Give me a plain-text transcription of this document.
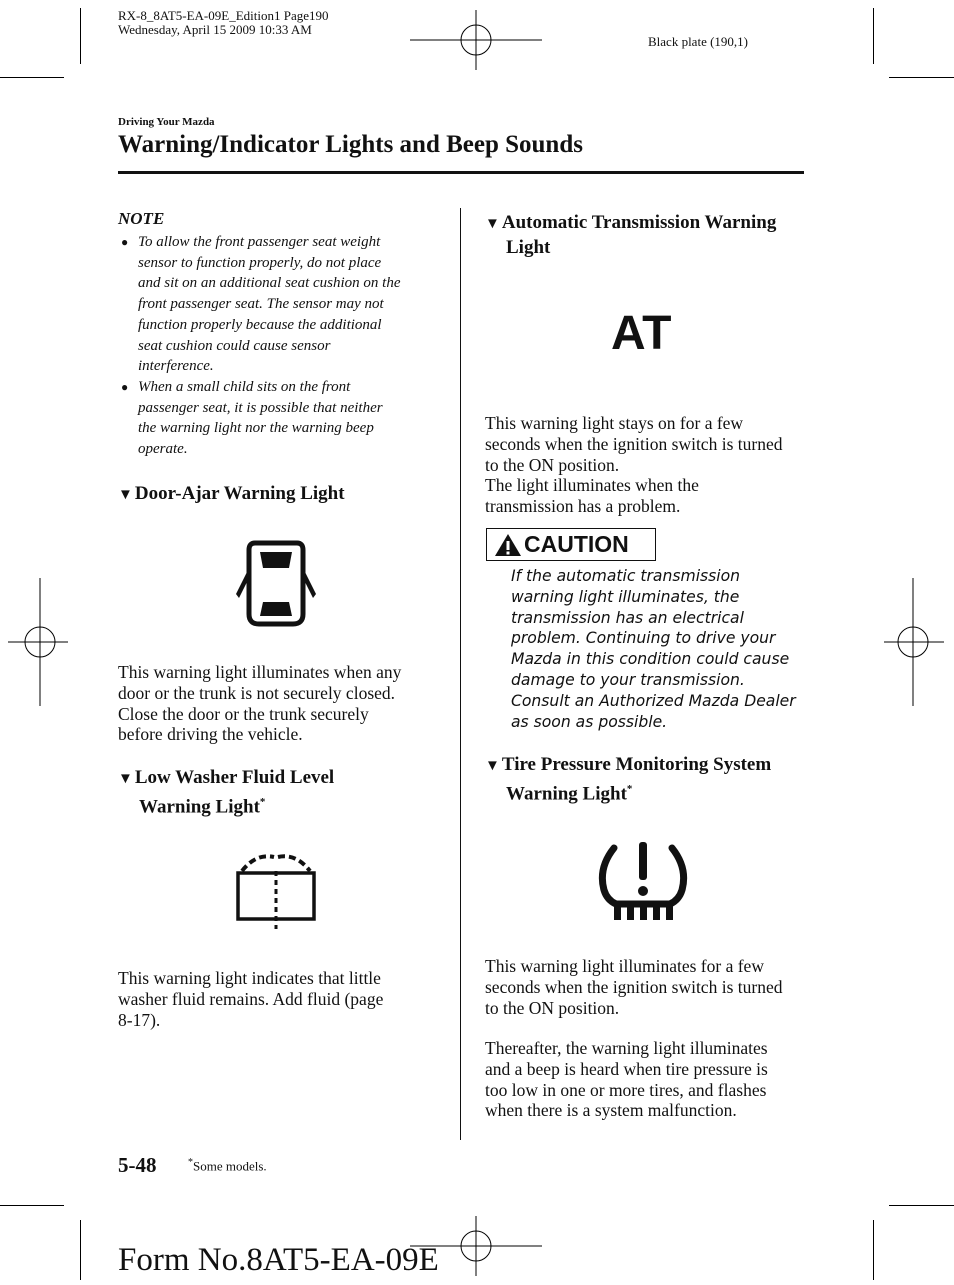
RX-8_8AT5-EA-09E_Edition1 Page190
Wednesday, April 15 2009 10:33 AM
Black plate (190,1)
Driving Your Mazda
Warning/Indicator Lights and Beep Sounds
NOTE
● To allow the front passenger seat weight
sensor to function properly, do not place
and sit on an additional seat cushion on the
front passenger seat. The sensor may not
function properly because the additional
seat cushion could cause sensor
interference.
● When a small child sits on the front
passenger seat, it is possible that neither
the warning light nor the warning beep
operate.
▼ Door-Ajar Warning Light
This warning light illuminates when any
door or the trunk is not securely closed.
Close the door or the trunk securely
before driving the vehicle.
▼ Low Washer Fluid Level
Warning Light*
This warning light indicates that little
washer fluid remains. Add fluid (page
8-17).
▼ Automatic Transmission Warning
Light
AT
This warning light stays on for a few
seconds when the ignition switch is turned
to the ON position.
The light illuminates when the
transmission has a problem.
CAUTION
If the automatic transmission
warning light illuminates, the
transmission has an electrical
problem. Continuing to drive your
Mazda in this condition could cause
damage to your transmission.
Consult an Authorized Mazda Dealer
as soon as possible.
▼ Tire Pressure Monitoring System
Warning Light*
This warning light illuminates for a few
seconds when the ignition switch is turned
to the ON position.
Thereafter, the warning light illuminates
and a beep is heard when tire pressure is
too low in one or more tires, and flashes
when there is a system malfunction.
5-48	*Some models.
Form No.8AT5-EA-09E
